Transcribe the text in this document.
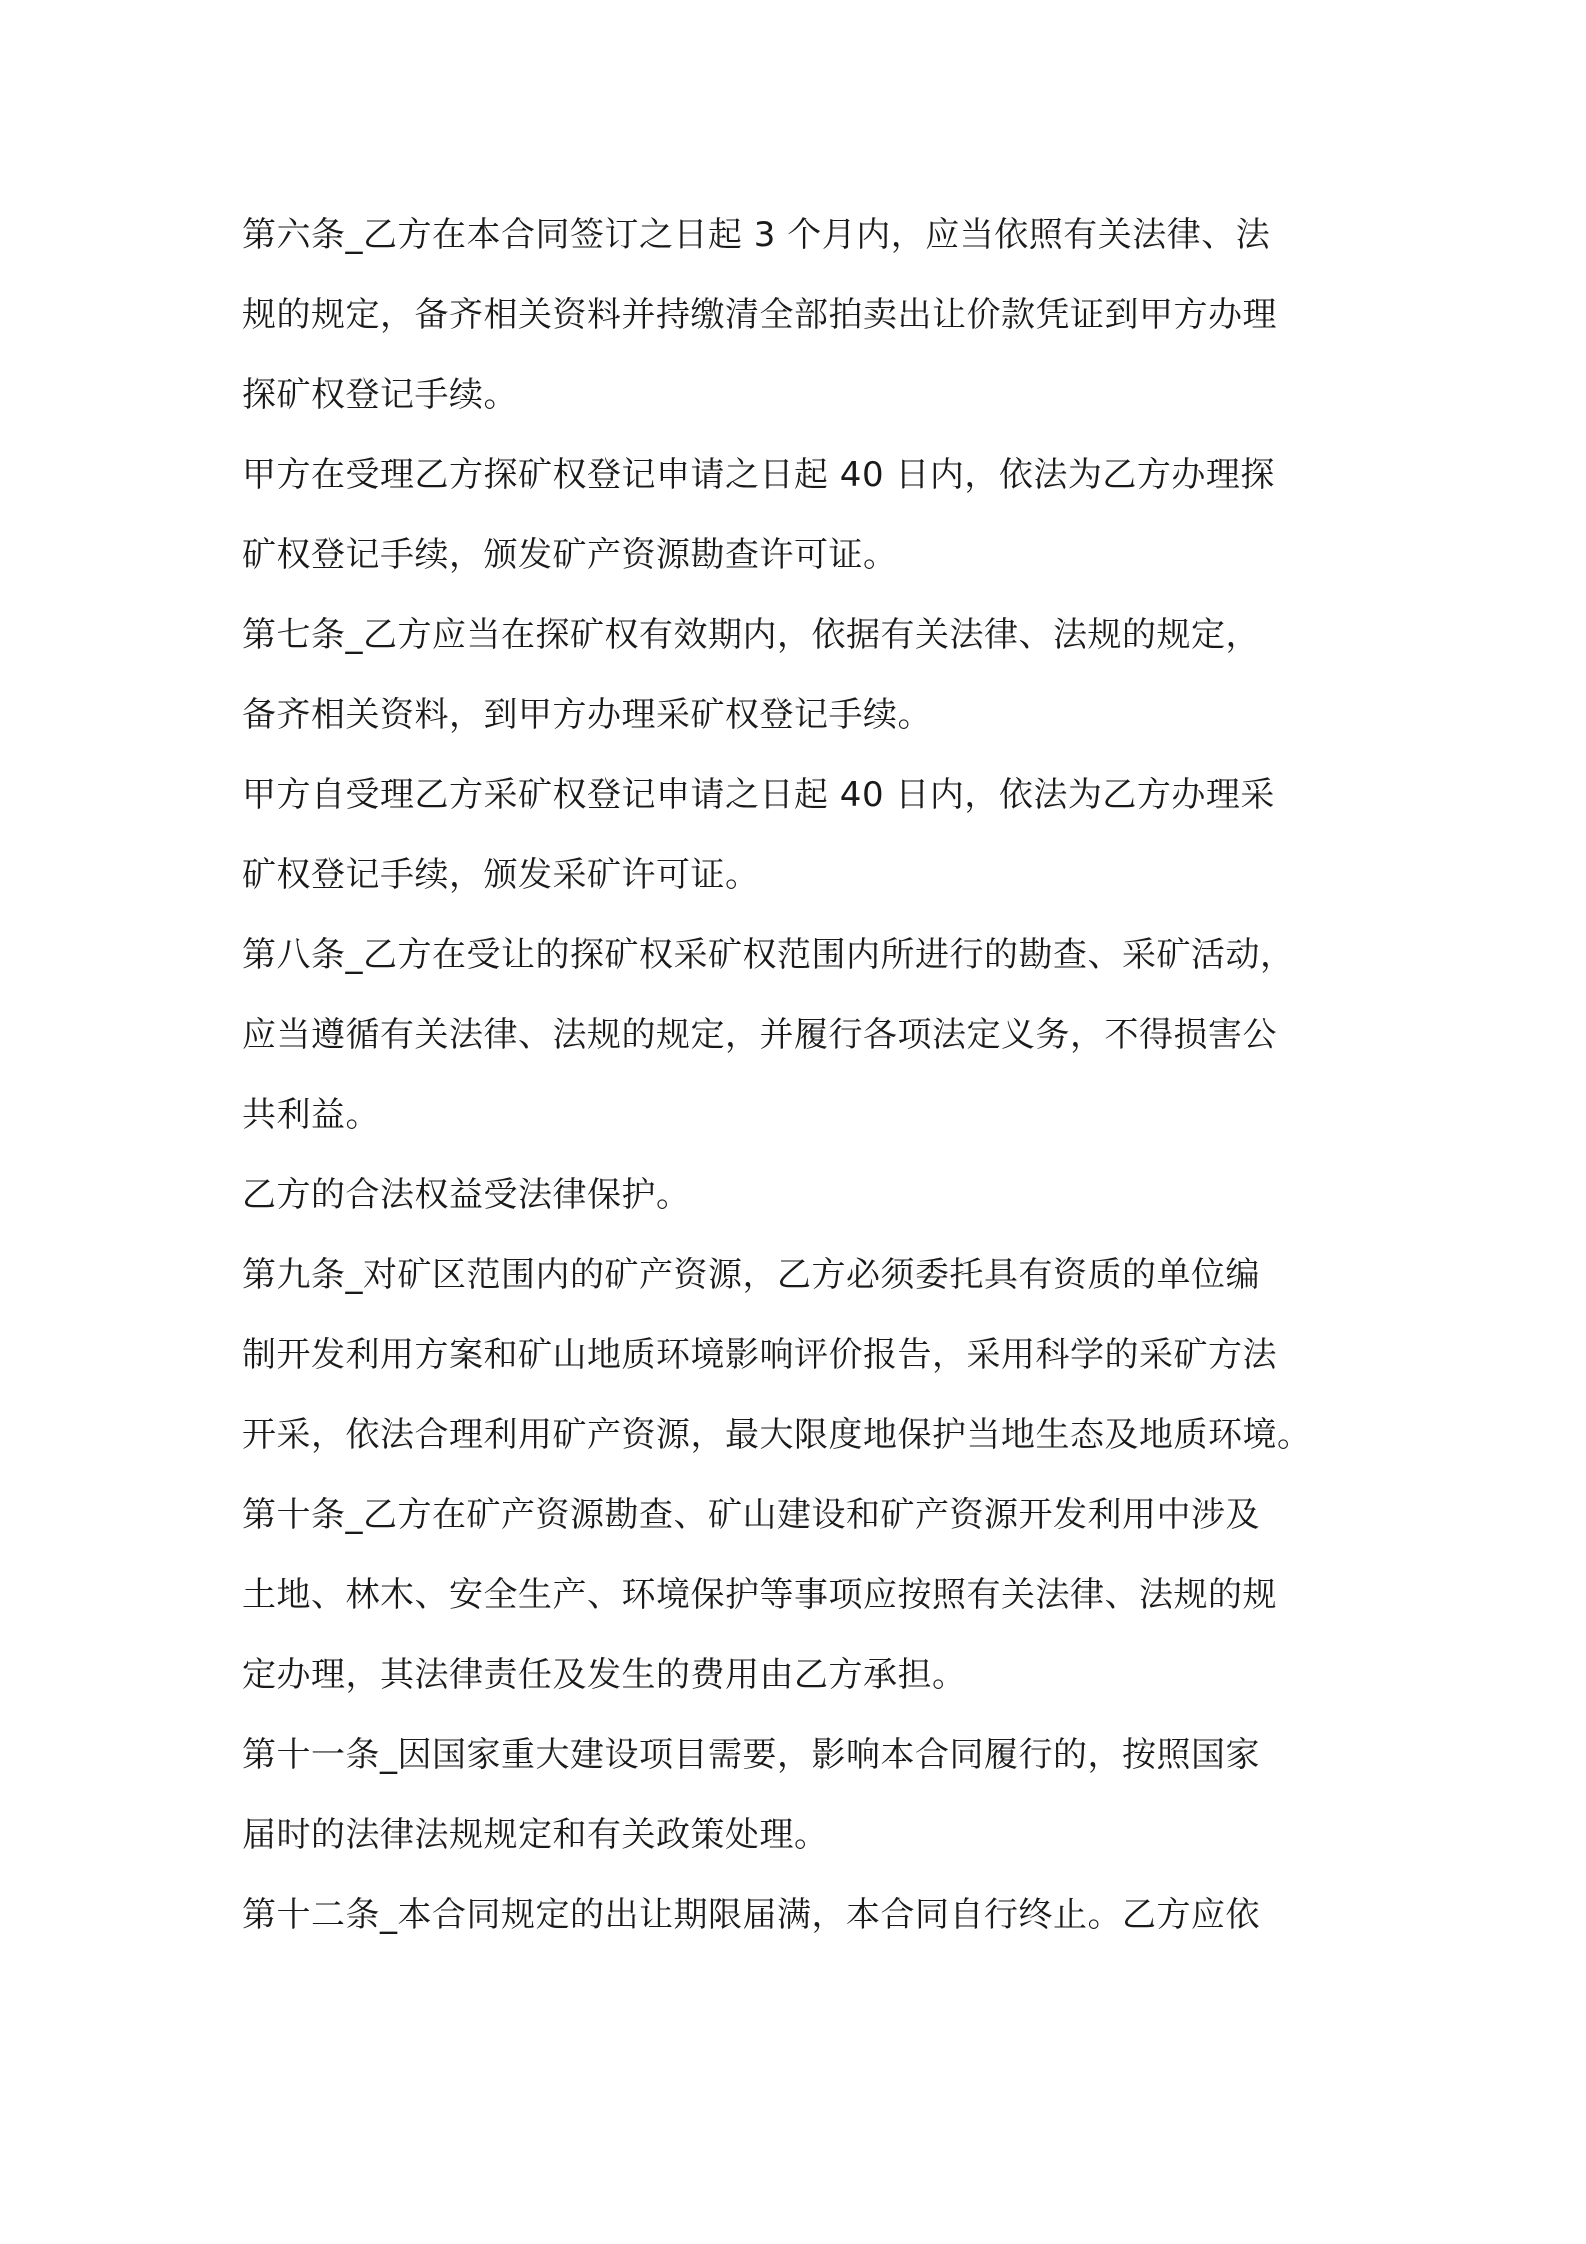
第六条_乙方在本合同签订之日起 3 个月内，应当依照有关法律、法
规的规定，备齐相关资料并持缴清全部拍卖出让价款凭证到甲方办理
探矿权登记手续。

甲方在受理乙方探矿权登记申请之日起 40 日内，依法为乙方办理探
矿权登记手续，颁发矿产资源勘查许可证。

第七条_乙方应当在探矿权有效期内，依据有关法律、法规的规定，
备齐相关资料，到甲方办理采矿权登记手续。

甲方自受理乙方采矿权登记申请之日起 40 日内，依法为乙方办理采
矿权登记手续，颁发采矿许可证。

第八条_乙方在受让的探矿权采矿权范围内所进行的勘查、采矿活动，
应当遵循有关法律、法规的规定，并履行各项法定义务，不得损害公
共利益。

乙方的合法权益受法律保护。

第九条_对矿区范围内的矿产资源，乙方必须委托具有资质的单位编
制开发利用方案和矿山地质环境影响评价报告，采用科学的采矿方法
开采，依法合理利用矿产资源，最大限度地保护当地生态及地质环境。

第十条_乙方在矿产资源勘查、矿山建设和矿产资源开发利用中涉及
土地、林木、安全生产、环境保护等事项应按照有关法律、法规的规
定办理，其法律责任及发生的费用由乙方承担。

第十一条_因国家重大建设项目需要，影响本合同履行的，按照国家
届时的法律法规规定和有关政策处理。

第十二条_本合同规定的出让期限届满，本合同自行终止。乙方应依
